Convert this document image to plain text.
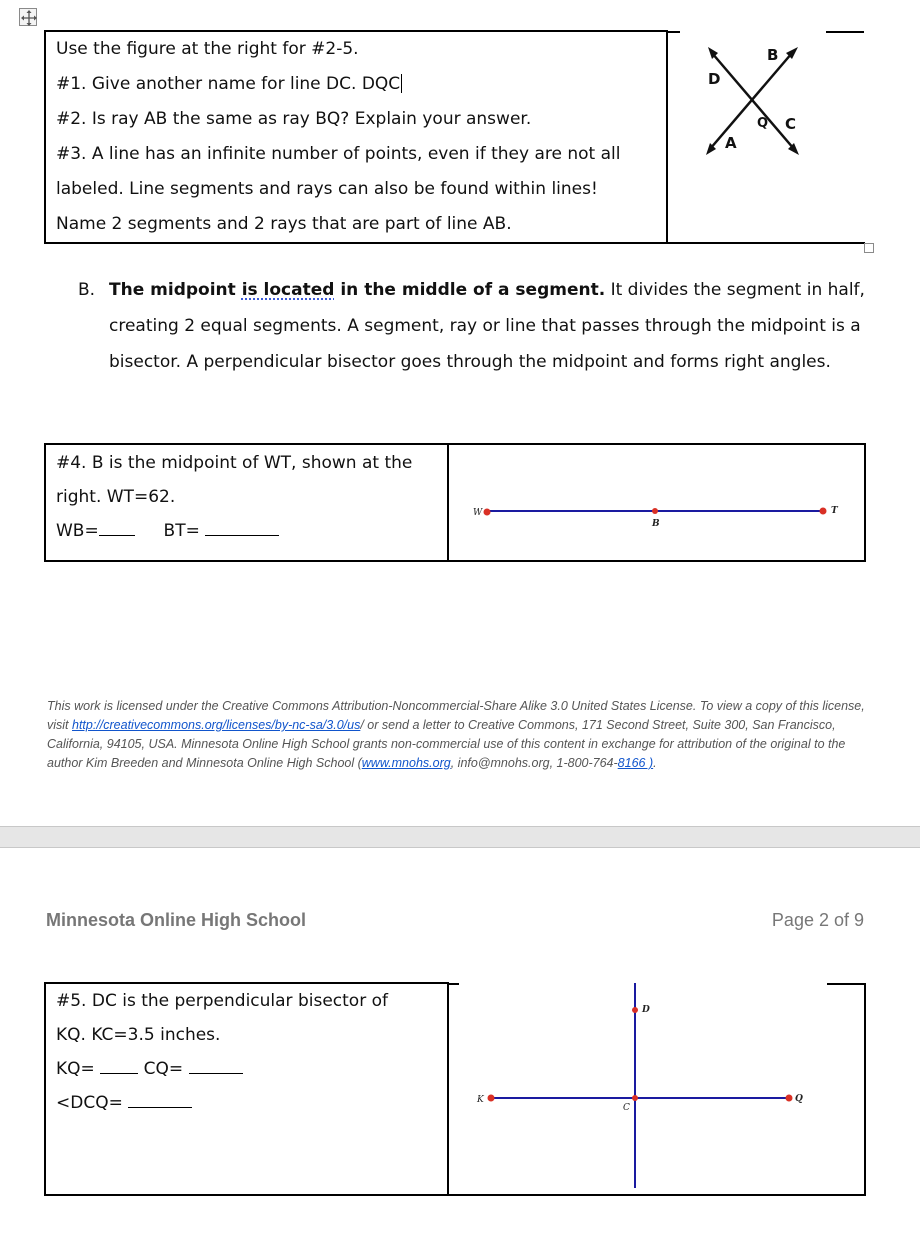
Use the figure at the right for #2-5.

#1. Give another name for line DC. DQC

#2. Is ray AB the same as ray BQ? Explain your answer.

#3. A line has an infinite number of points, even if they are not all

labeled. Line segments and rays can also be found within lines!

Name 2 segments and 2 rays that are part of line AB.

B
D
Q C
A
B. The midpoint is located in the middle of a segment. It divides the segment in half, creating 2 equal segments. A segment, ray or line that passes through the midpoint is a bisector. A perpendicular bisector goes through the midpoint and forms right angles.

#4. B is the midpoint of WT, shown at the

right. WT=62.

WB=	BT=

W
B
T
This work is licensed under the Creative Commons Attribution-Noncommercial-Share Alike 3.0 United States License. To view a copy of this license, visit http://creativecommons.org/licenses/by-nc-sa/3.0/us/ or send a letter to Creative Commons, 171 Second Street, Suite 300, San Francisco, California, 94105, USA. Minnesota Online High School grants non-commercial use of this content in exchange for attribution of the original to the author Kim Breeden and Minnesota Online High School (www.mnohs.org, info@mnohs.org, 1-800-764-8166 ).
Minnesota Online High School	Page 2 of 9

#5. DC is the perpendicular bisector of

KQ. KC=3.5 inches.

KQ=	CQ=

<DCQ=	K
C
Q
D
